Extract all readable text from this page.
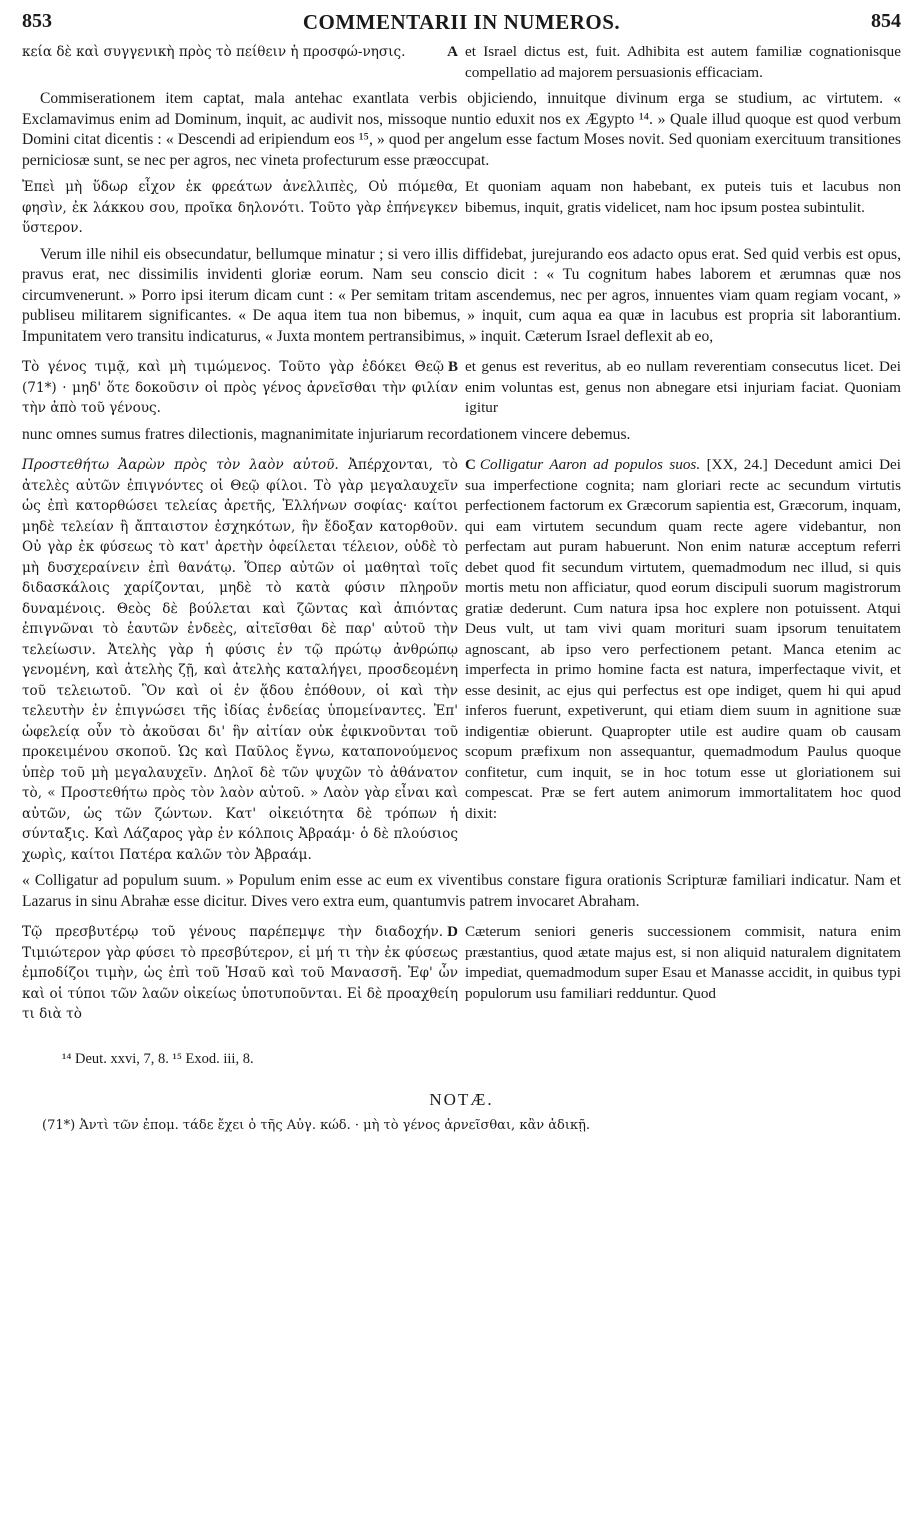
853	COMMENTARII IN NUMEROS.	854
A
κεία δὲ καὶ συγγενικὴ πρὸς τὸ πείθειν ἡ προσφώ-νησις.	et Israel dictus est, fuit. Adhibita est autem familiæ cognationisque compellatio ad majorem persuasionis efficaciam.

Commiserationem item captat, mala antehac exantlata verbis objiciendo, innuitque divinum erga se studium, ac virtutem. « Exclamavimus enim ad Dominum, inquit, ac audivit nos, missoque nuntio eduxit nos ex Ægypto ¹⁴. » Quale illud quoque est quod verbum Domini citat dicentis : « Descendi ad eripiendum eos ¹⁵, » quod per angelum esse factum Moses novit. Sed quoniam exercituum transitiones perniciosæ sunt, se nec per agros, nec vineta profecturum esse præoccupat.

Ἐπεὶ μὴ ὕδωρ εἶχον ἐκ φρεάτων ἀνελλιπὲς, Οὐ πιόμεθα, φησὶν, ἐκ λάκκου σου, προῖκα δηλονότι. Τοῦτο γὰρ ἐπήνεγκεν ὕστερον.
Et quoniam aquam non habebant, ex puteis tuis et lacubus non bibemus, inquit, gratis videlicet, nam hoc ipsum postea subintulit.

Verum ille nihil eis obsecundatur, bellumque minatur ; si vero illis diffidebat, jurejurando eos adacto opus erat. Sed quid verbis est opus, pravus erat, nec dissimilis invidenti gloriæ eorum. Nam seu conscio dicit : « Tu cognitum habes laborem et ærumnas quæ nos circumvenerunt. » Porro ipsi iterum dicam cunt : « Per semitam tritam ascendemus, nec per agros, innuentes viam quam regiam vocant, » publiseu militarem significantes. « De aqua item tua non bibemus, » inquit, cum aqua ea quæ in lacubus est propria sit laborantium. Impunitatem vero transitu indicaturus, « Juxta montem pertransibimus, » inquit. Cæterum Israel deflexit ab eo,

B
Τὸ γένος τιμᾷ, καὶ μὴ τιμώμενος. Τοῦτο γὰρ ἐδόκει Θεῷ (71*) · μηδ' ὅτε δοκοῦσιν οἱ πρὸς γένος ἀρνεῖσθαι τὴν φιλίαν τὴν ἀπὸ τοῦ γένους.
et genus est reveritus, ab eo nullam reverentiam consecutus licet. Dei enim voluntas est, genus non abnegare etsi injuriam faciat. Quoniam igitur

nunc omnes sumus fratres dilectionis, magnanimitate injuriarum recordationem vincere debemus.

Προστεθήτω Ἀαρὼν πρὸς τὸν λαὸν αὐτοῦ. Ἀπέρχονται, τὸ ἀτελὲς αὐτῶν ἐπιγνόντες οἱ Θεῷ φίλοι. Τὸ γὰρ μεγαλαυχεῖν ὡς ἐπὶ κατορθώσει τελείας ἀρετῆς, Ἑλλήνων σοφίας· καίτοι μηδὲ τελείαν ἢ ἄπταιστον ἐσχηκότων, ἣν ἔδοξαν κατορθοῦν. Οὐ γὰρ ἐκ φύσεως τὸ κατ' ἀρετὴν ὀφείλεται τέλειον, οὐδὲ τὸ μὴ δυσχεραίνειν ἐπὶ θανάτῳ. Ὅπερ αὐτῶν οἱ μαθηταὶ τοῖς διδασκάλοις χαρίζονται, μηδὲ τὸ κατὰ φύσιν πληροῦν δυναμένοις. Θεὸς δὲ βούλεται καὶ ζῶντας καὶ ἀπιόντας ἐπιγνῶναι τὸ ἑαυτῶν ἐνδεὲς, αἰτεῖσθαι δὲ παρ' αὐτοῦ τὴν τελείωσιν. Ἀτελὴς γὰρ ἡ φύσις ἐν τῷ πρώτῳ ἀνθρώπῳ γενομένη, καὶ ἀτελὴς ζῇ, καὶ ἀτελὴς καταλήγει, προσδεομένη τοῦ τελειωτοῦ. Ὃν καὶ οἱ ἐν ᾅδου ἐπόθουν, οἱ καὶ τὴν τελευτὴν ἐν ἐπιγνώσει τῆς ἰδίας ἐνδείας ὑπομείναντες. Ἐπ' ὠφελείᾳ οὖν τὸ ἀκοῦσαι δι' ἣν αἰτίαν οὐκ ἐφικνοῦνται τοῦ προκειμένου σκοποῦ. Ὡς καὶ Παῦλος ἔγνω, καταπονούμενος ὑπὲρ τοῦ μὴ μεγαλαυχεῖν. Δηλοῖ δὲ τῶν ψυχῶν τὸ ἀθάνατον τὸ, « Προστεθήτω πρὸς τὸν λαὸν αὐτοῦ. » Λαὸν γὰρ εἶναι καὶ αὐτῶν, ὡς τῶν ζώντων. Κατ' οἰκειότητα δὲ τρόπων ἡ σύνταξις. Καὶ Λάζαρος γὰρ ἐν κόλποις Ἀβραάμ· ὁ δὲ πλούσιος χωρὶς, καίτοι Πατέρα καλῶν τὸν Ἀβραάμ.
C Colligatur Aaron ad populos suos. [XX, 24.] Decedunt amici Dei sua imperfectione cognita; nam gloriari recte ac secundum virtutis perfectionem factorum ex Græcorum sapientia est, Græcorum, inquam, qui eam virtutem secundum quam recte agere videbantur, non perfectam aut puram habuerunt. Non enim naturæ acceptum referri debet quod fit secundum virtutem, quemadmodum nec illud, si quis mortis metu non afficiatur, quod eorum discipuli suorum magistrorum gratiæ dederunt. Cum natura ipsa hoc explere non potuissent. Atqui Deus vult, ut tam vivi quam morituri suam ipsorum tenuitatem agnoscant, ab ipso vero perfectionem petant. Manca etenim ac imperfecta in primo homine facta est natura, imperfectaque vivit, et esse desinit, ac ejus qui perfectus est ope indiget, quem hi qui apud inferos fuerunt, expetiverunt, qui etiam diem suum in agnitione suæ indigentiæ obierunt. Quapropter utile est audire quam ob causam scopum præfixum non assequantur, quemadmodum Paulus quoque confitetur, cum inquit, se in hoc totum esse ut gloriationem sui compescat. Præ se fert autem animorum immortalitatem hoc quod dixit:

« Colligatur ad populum suum. » Populum enim esse ac eum ex viventibus constare figura orationis Scripturæ familiari indicatur. Nam et Lazarus in sinu Abrahæ esse dicitur. Dives vero extra eum, quantumvis patrem invocaret Abraham.

D
Τῷ πρεσβυτέρῳ τοῦ γένους παρέπεμψε τὴν διαδοχήν. Τιμιώτερον γὰρ φύσει τὸ πρεσβύτερον, εἰ μή τι τὴν ἐκ φύσεως ἐμποδίζοι τιμὴν, ὡς ἐπὶ τοῦ Ἡσαῦ καὶ τοῦ Μανασσῆ. Ἐφ' ὧν καὶ οἱ τύποι τῶν λαῶν οἰκείως ὑποτυποῦνται. Εἰ δὲ προαχθείη τι διὰ τὸ
Cæterum seniori generis successionem commisit, natura enim præstantius, quod ætate majus est, si non aliquid naturalem dignitatem impediat, quemadmodum super Esau et Manasse accidit, in quibus typi populorum usu familiari redduntur. Quod
¹⁴ Deut. xxvi, 7, 8. ¹⁵ Exod. iii, 8.
NOTÆ.
(71*) Ἀντὶ τῶν ἐπομ. τάδε ἔχει ὁ τῆς Αὐγ. κώδ. · μὴ τὸ γένος ἀρνεῖσθαι, κἂν ἀδικῇ.
